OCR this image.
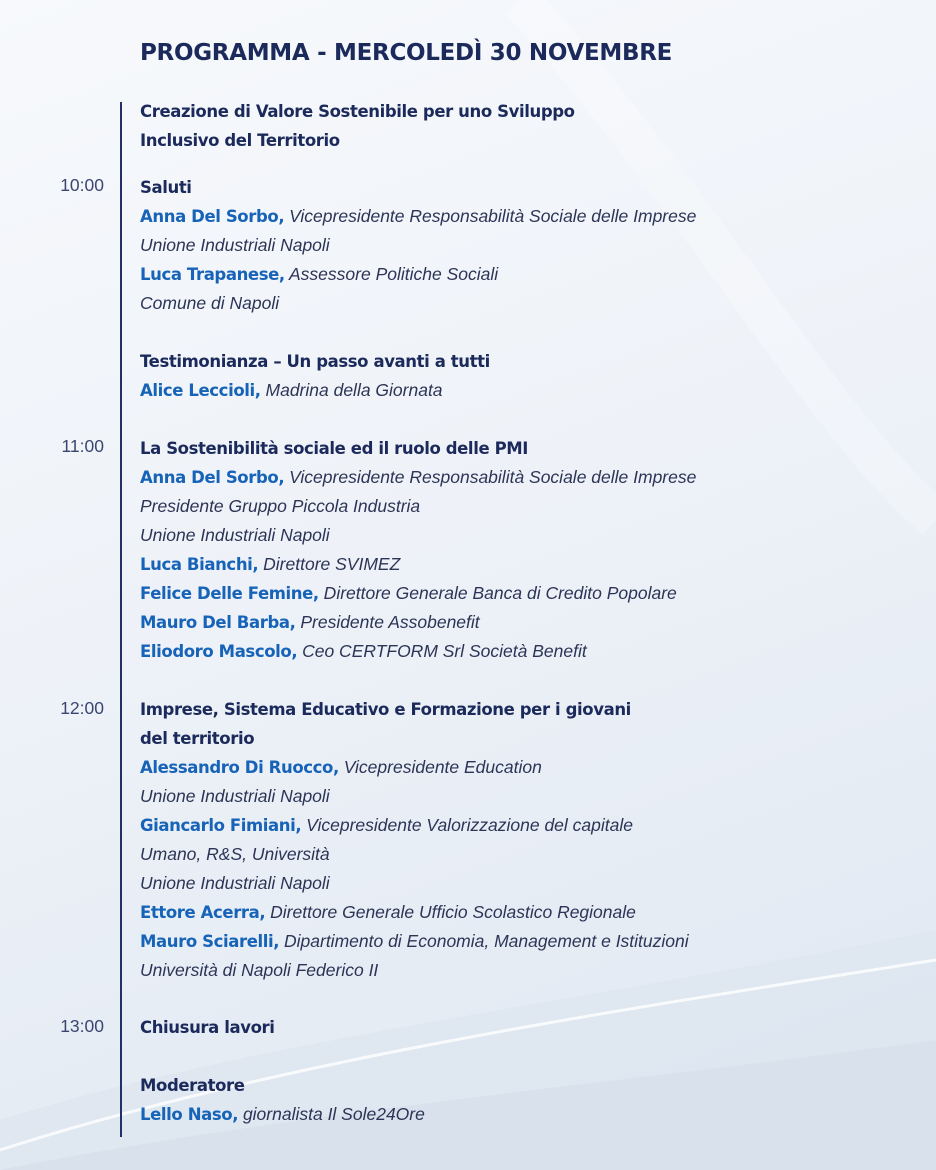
PROGRAMMA - MERCOLEDÌ 30 NOVEMBRE
10:00
11:00
12:00
13:00
Creazione di Valore Sostenibile per uno Sviluppo
Inclusivo del Territorio
Saluti
Anna Del Sorbo, Vicepresidente Responsabilità Sociale delle Imprese
Unione Industriali Napoli
Luca Trapanese, Assessore Politiche Sociali
Comune di Napoli
Testimonianza – Un passo avanti a tutti
Alice Leccioli, Madrina della Giornata
La Sostenibilità sociale ed il ruolo delle PMI
Anna Del Sorbo, Vicepresidente Responsabilità Sociale delle Imprese
Presidente Gruppo Piccola Industria
Unione Industriali Napoli
Luca Bianchi, Direttore SVIMEZ
Felice Delle Femine, Direttore Generale Banca di Credito Popolare
Mauro Del Barba, Presidente Assobenefit
Eliodoro Mascolo, Ceo CERTFORM Srl Società Benefit
Imprese, Sistema Educativo e Formazione per i giovani
del territorio
Alessandro Di Ruocco, Vicepresidente Education
Unione Industriali Napoli
Giancarlo Fimiani, Vicepresidente Valorizzazione del capitale
Umano, R&S, Università
Unione Industriali Napoli
Ettore Acerra, Direttore Generale Ufficio Scolastico Regionale
Mauro Sciarelli, Dipartimento di Economia, Management e Istituzioni
Università di Napoli Federico II
Chiusura lavori
Moderatore
Lello Naso, giornalista Il Sole24Ore
